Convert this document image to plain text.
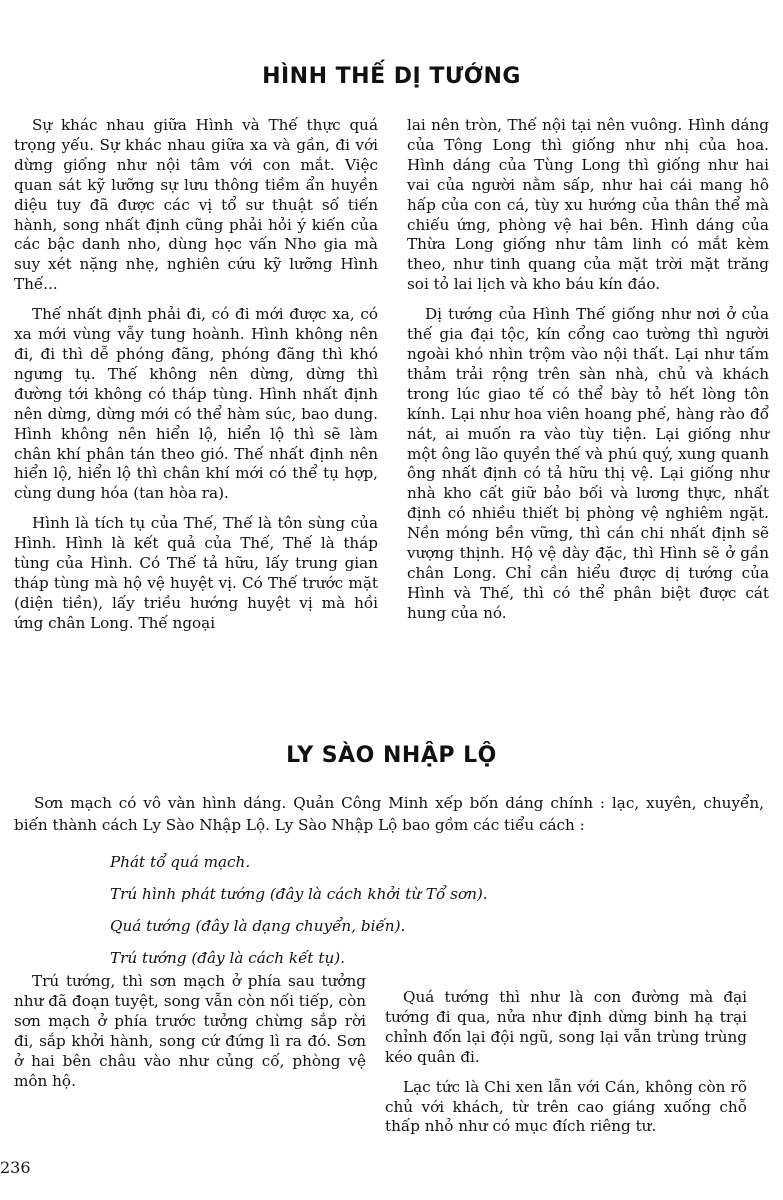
HÌNH THẾ DỊ TƯỚNG

Sự khác nhau giữa Hình và Thế thực quá trọng yếu. Sự khác nhau giữa xa và gần, đi với dừng giống như nội tâm với con mắt. Việc quan sát kỹ lưỡng sự lưu thông tiềm ẩn huyền diệu tuy đã được các vị tổ sư thuật số tiến hành, song nhất định cũng phải hỏi ý kiến của các bậc danh nho, dùng học vấn Nho gia mà suy xét nặng nhẹ, nghiên cứu kỹ lưỡng Hình Thế...

Thế nhất định phải đi, có đi mới được xa, có xa mới vùng vẫy tung hoành. Hình không nên đi, đi thì dễ phóng đãng, phóng đãng thì khó ngưng tụ. Thế không nên dừng, dừng thì đường tới không có tháp tùng. Hình nhất định nên dừng, dừng mới có thể hàm súc, bao dung. Hình không nên hiển lộ, hiển lộ thì sẽ làm chân khí phân tán theo gió. Thế nhất định nên hiển lộ, hiển lộ thì chân khí mới có thể tụ hợp, cùng dung hóa (tan hòa ra).

Hình là tích tụ của Thế, Thế là tôn sùng của Hình. Hình là kết quả của Thế, Thế là tháp tùng của Hình. Có Thế tả hữu, lấy trung gian tháp tùng mà hộ vệ huyệt vị. Có Thế trước mặt (diện tiền), lấy triều hướng huyệt vị mà hồi ứng chân Long. Thế ngoại

lai nên tròn, Thế nội tại nên vuông. Hình dáng của Tông Long thì giống như nhị của hoa. Hình dáng của Tùng Long thì giống như hai vai của người nằm sấp, như hai cái mang hô hấp của con cá, tùy xu hướng của thân thể mà chiếu ứng, phòng vệ hai bên. Hình dáng của Thừa Long giống như tâm linh có mắt kèm theo, như tinh quang của mặt trời mặt trăng soi tỏ lai lịch và kho báu kín đáo.

Dị tướng của Hình Thế giống như nơi ở của thế gia đại tộc, kín cổng cao tường thì người ngoài khó nhìn trộm vào nội thất. Lại như tấm thảm trải rộng trên sàn nhà, chủ và khách trong lúc giao tế có thể bày tỏ hết lòng tôn kính. Lại như hoa viên hoang phế, hàng rào đổ nát, ai muốn ra vào tùy tiện. Lại giống như một ông lão quyền thế và phú quý, xung quanh ông nhất định có tả hữu thị vệ. Lại giống như nhà kho cất giữ bảo bối và lương thực, nhất định có nhiều thiết bị phòng vệ nghiêm ngặt. Nền móng bền vững, thì cán chi nhất định sẽ vượng thịnh. Hộ vệ dày đặc, thì Hình sẽ ở gần chân Long. Chỉ cần hiểu được dị tướng của Hình và Thế, thì có thể phân biệt được cát hung của nó.

LY SÀO NHẬP LỘ
Sơn mạch có vô vàn hình dáng. Quản Công Minh xếp bốn dáng chính : lạc, xuyên, chuyển, biến thành cách Ly Sào Nhập Lộ. Ly Sào Nhập Lộ bao gồm các tiểu cách :
Phát tổ quá mạch.
Trú hình phát tướng (đây là cách khởi từ Tổ sơn).
Quá tướng (đây là dạng chuyển, biến).
Trú tướng (đây là cách kết tụ).

Trú tướng, thì sơn mạch ở phía sau tưởng như đã đoạn tuyệt, song vẫn còn nối tiếp, còn sơn mạch ở phía trước tưởng chừng sắp rời đi, sắp khởi hành, song cứ đứng lì ra đó. Sơn ở hai bên châu vào như củng cố, phòng vệ môn hộ.

Quá tướng thì như là con đường mà đại tướng đi qua, nửa như định dừng binh hạ trại chỉnh đốn lại đội ngũ, song lại vẫn trùng trùng kéo quân đi.

Lạc tức là Chi xen lẫn với Cán, không còn rõ chủ với khách, từ trên cao giáng xuống chỗ thấp nhỏ như có mục đích riêng tư.

236
